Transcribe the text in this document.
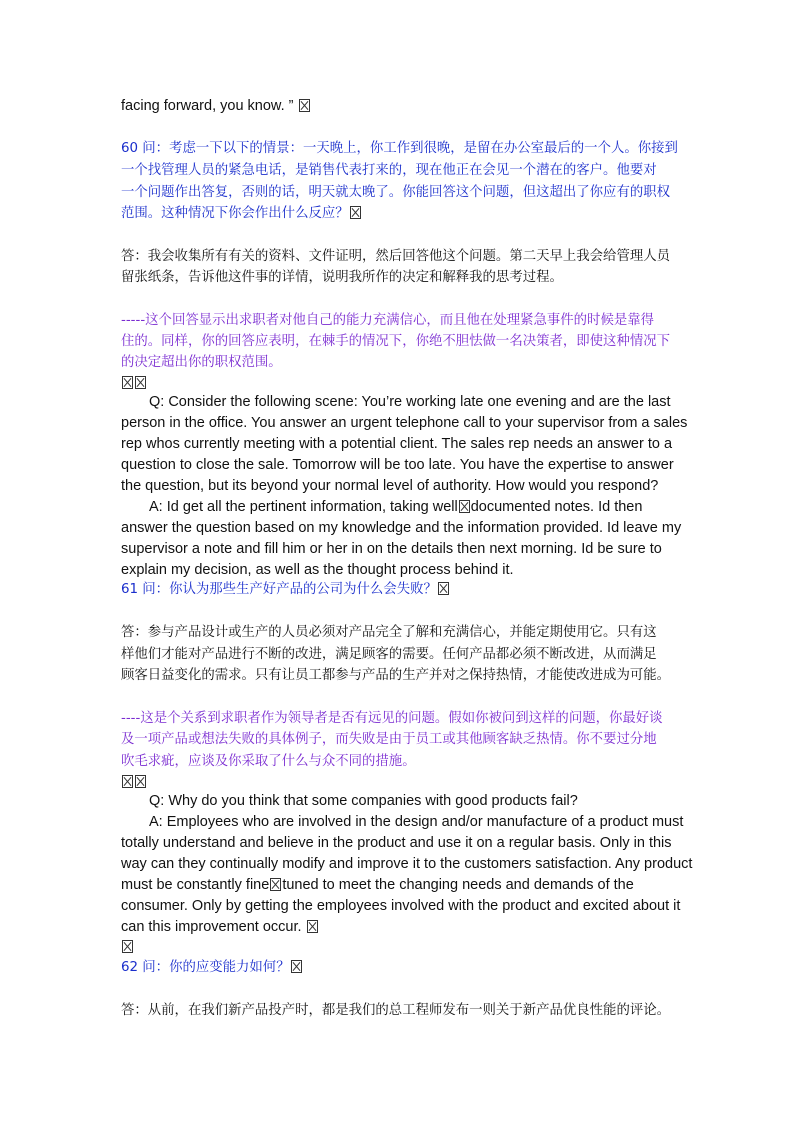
facing forward, you know. ”
60 问：考虑一下以下的情景：一天晚上，你工作到很晚，是留在办公室最后的一个人。你接到
一个找管理人员的紧急电话，是销售代表打来的，现在他正在会见一个潜在的客户。他要对
一个问题作出答复，否则的话，明天就太晚了。你能回答这个问题，但这超出了你应有的职权
范围。这种情况下你会作出什么反应？
答：我会收集所有有关的资料、文件证明，然后回答他这个问题。第二天早上我会给管理人员
留张纸条，告诉他这件事的详情，说明我所作的决定和解释我的思考过程。
-----这个回答显示出求职者对他自己的能力充满信心，而且他在处理紧急事件的时候是靠得
住的。同样，你的回答应表明，在棘手的情况下，你绝不胆怯做一名决策者，即使这种情况下
的决定超出你的职权范围。
Q: Consider the following scene: You’re working late one evening and are the last
person in the office. You answer an urgent telephone call to your supervisor from a sales
rep whos currently meeting with a potential client. The sales rep needs an answer to a
question to close the sale. Tomorrow will be too late. You have the expertise to answer
the question, but its beyond your normal level of authority. How would you respond?
A: Id get all the pertinent information, taking well documented notes. Id then
answer the question based on my knowledge and the information provided. Id leave my
supervisor a note and fill him or her in on the details then next morning. Id be sure to
explain my decision, as well as the thought process behind it.
61 问：你认为那些生产好产品的公司为什么会失败？
答：参与产品设计或生产的人员必须对产品完全了解和充满信心，并能定期使用它。只有这
样他们才能对产品进行不断的改进，满足顾客的需要。任何产品都必须不断改进，从而满足
顾客日益变化的需求。只有让员工都参与产品的生产并对之保持热情，才能使改进成为可能。
----这是个关系到求职者作为领导者是否有远见的问题。假如你被问到这样的问题，你最好谈
及一项产品或想法失败的具体例子，而失败是由于员工或其他顾客缺乏热情。你不要过分地
吹毛求疵，应谈及你采取了什么与众不同的措施。
Q: Why do you think that some companies with good products fail?
A: Employees who are involved in the design and/or manufacture of a product must
totally understand and believe in the product and use it on a regular basis. Only in this
way can they continually modify and improve it to the customers satisfaction. Any product
must be constantly fine tuned to meet the changing needs and demands of the
consumer. Only by getting the employees involved with the product and excited about it
can this improvement occur.
62 问：你的应变能力如何？
答：从前，在我们新产品投产时，都是我们的总工程师发布一则关于新产品优良性能的评论。
